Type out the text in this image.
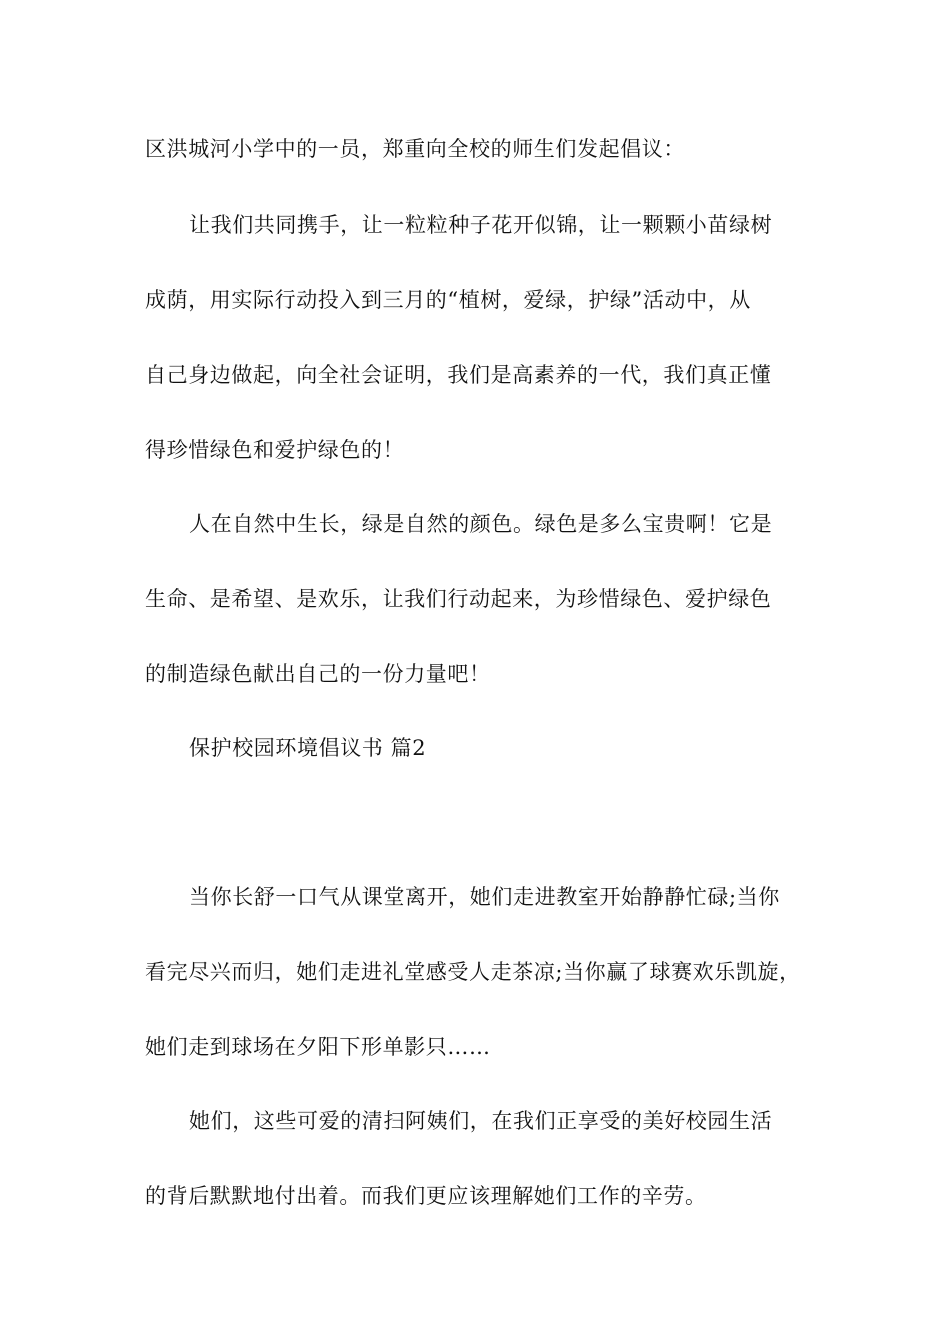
区洪城河小学中的一员，郑重向全校的师生们发起倡议：

让我们共同携手，让一粒粒种子花开似锦，让一颗颗小苗绿树

成荫，用实际行动投入到三月的“植树，爱绿，护绿”活动中，从

自己身边做起，向全社会证明，我们是高素养的一代，我们真正懂

得珍惜绿色和爱护绿色的！

人在自然中生长，绿是自然的颜色。绿色是多么宝贵啊！它是

生命、是希望、是欢乐，让我们行动起来，为珍惜绿色、爱护绿色

的制造绿色献出自己的一份力量吧！

保护校园环境倡议书 篇2

当你长舒一口气从课堂离开，她们走进教室开始静静忙碌;当你

看完尽兴而归，她们走进礼堂感受人走茶凉;当你赢了球赛欢乐凯旋，

她们走到球场在夕阳下形单影只……

她们，这些可爱的清扫阿姨们，在我们正享受的美好校园生活

的背后默默地付出着。而我们更应该理解她们工作的辛劳。
